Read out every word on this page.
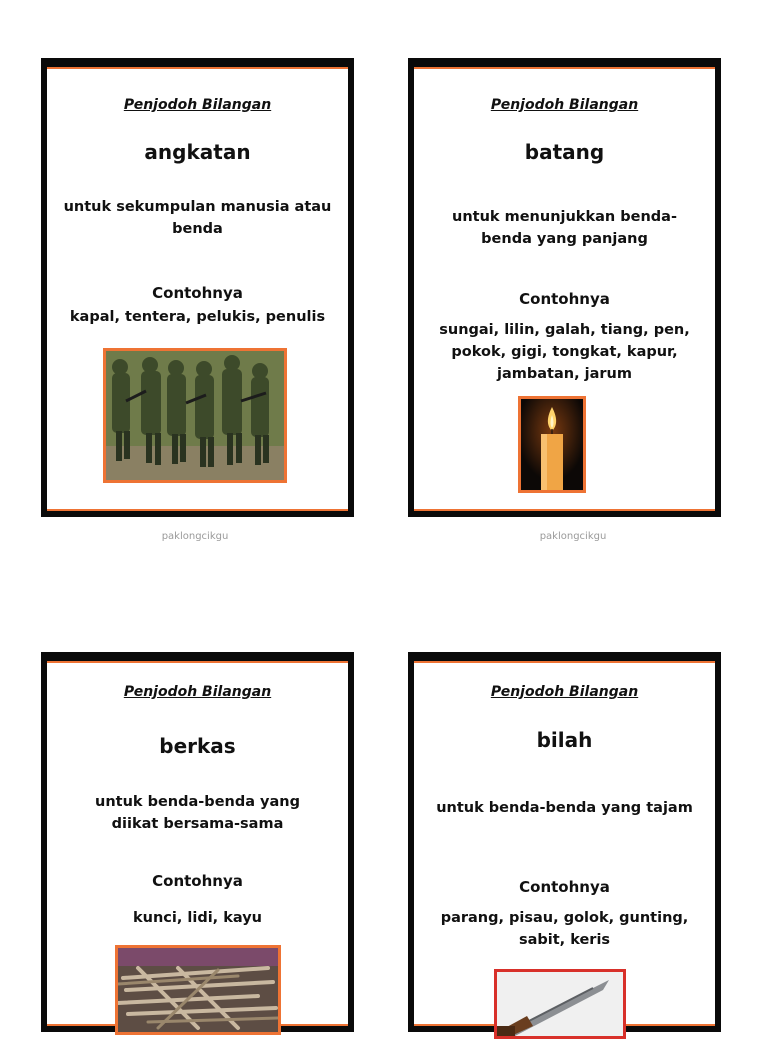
Penjodoh Bilangan
angkatan
untuk sekumpulan manusia atau
benda
Contohnya
kapal, tentera, pelukis, penulis
paklongcikgu
Penjodoh Bilangan
batang
untuk menunjukkan benda-
benda yang panjang
Contohnya
sungai, lilin, galah, tiang, pen,
pokok, gigi, tongkat, kapur,
jambatan, jarum
paklongcikgu
Penjodoh Bilangan
berkas
untuk benda-benda yang
diikat bersama-sama
Contohnya
kunci, lidi, kayu
Penjodoh Bilangan
bilah
untuk benda-benda yang tajam
Contohnya
parang, pisau, golok, gunting,
sabit, keris
